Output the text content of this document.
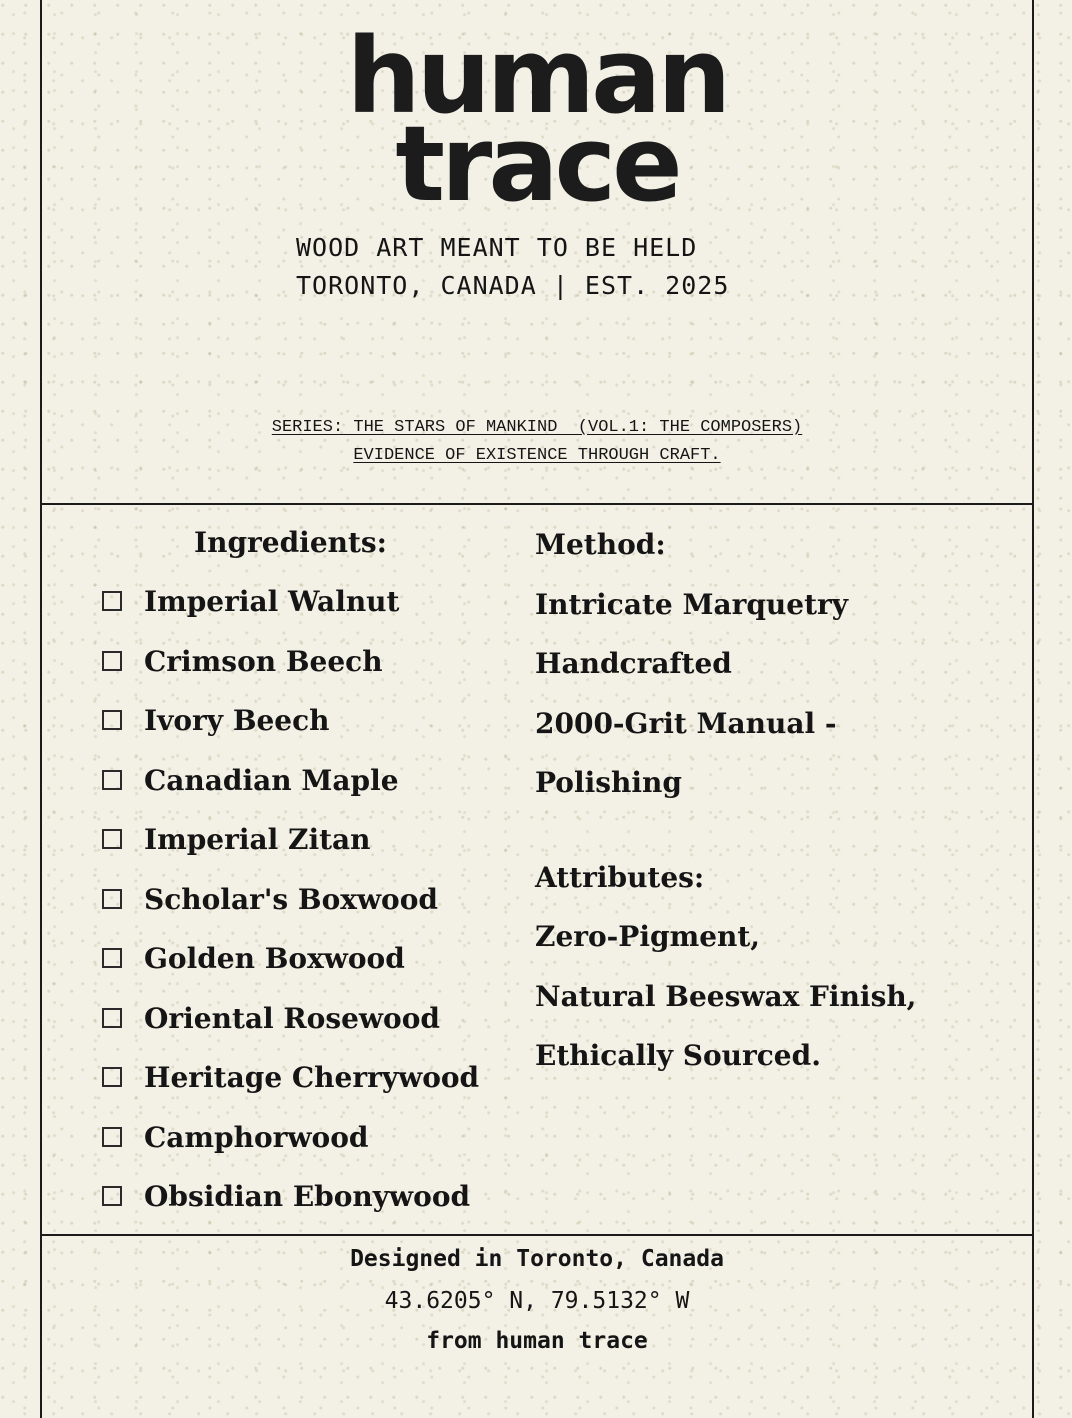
human
trace
WOOD ART MEANT TO BE HELD
TORONTO, CANADA | EST. 2025
SERIES: THE STARS OF MANKIND  (VOL.1: THE COMPOSERS)
EVIDENCE OF EXISTENCE THROUGH CRAFT.
Ingredients:
Imperial Walnut
Crimson Beech
Ivory Beech
Canadian Maple
Imperial Zitan
Scholar's Boxwood
Golden Boxwood
Oriental Rosewood
Heritage Cherrywood
Camphorwood
Obsidian Ebonywood
Method:
Intricate Marquetry
Handcrafted
2000-Grit Manual -
Polishing
Attributes:
Zero-Pigment,
Natural Beeswax Finish,
Ethically Sourced.
Designed in Toronto, Canada
43.6205° N, 79.5132° W
from human trace
